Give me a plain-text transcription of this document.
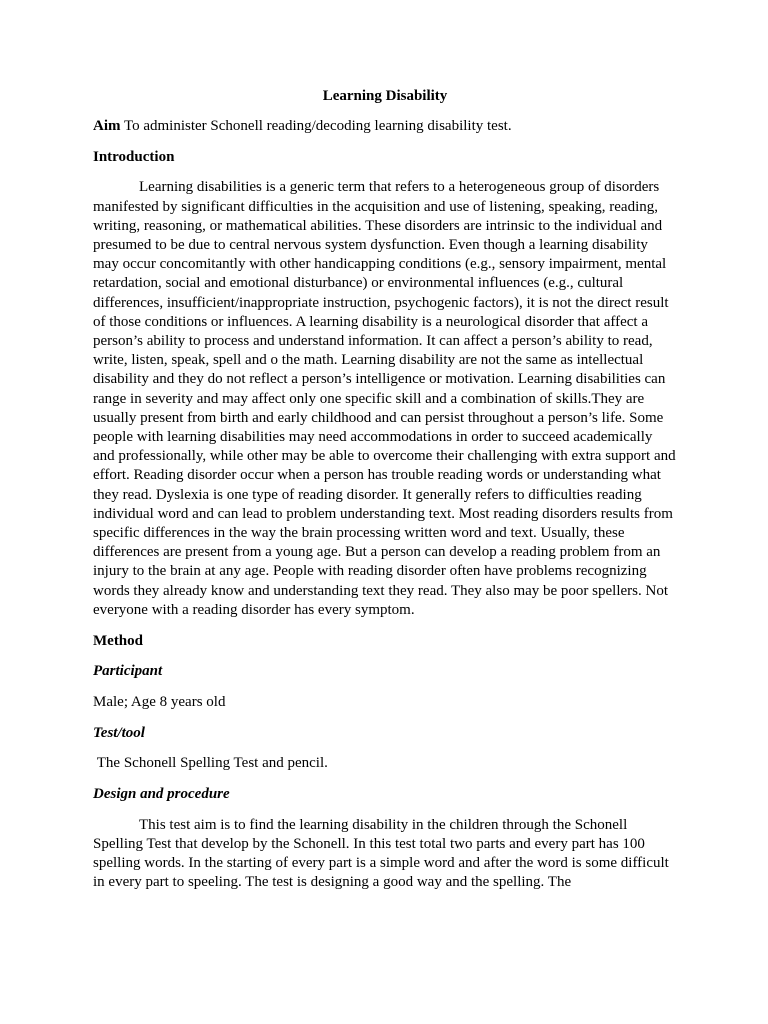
Learning Disability
Aim To administer Schonell reading/decoding learning disability test.
Introduction
Learning disabilities is a generic term that refers to a heterogeneous group of disorders manifested by significant difficulties in the acquisition and use of listening, speaking, reading, writing, reasoning, or mathematical abilities. These disorders are intrinsic to the individual and presumed to be due to central nervous system dysfunction. Even though a learning disability may occur concomitantly with other handicapping conditions (e.g., sensory impairment, mental retardation, social and emotional disturbance) or environmental influences (e.g., cultural differences, insufficient/inappropriate instruction, psychogenic factors), it is not the direct result of those conditions or influences. A learning disability is a neurological disorder that affect a person’s ability to process and understand information. It can affect a person’s ability to read, write, listen, speak, spell and o the math. Learning disability are not the same as intellectual disability and they do not reflect a person’s intelligence or motivation. Learning disabilities can range in severity and may affect only one specific skill and a combination of skills.They are usually present from birth and early childhood and can persist throughout a person’s life. Some people with learning disabilities may need accommodations in order to succeed academically and professionally, while other may be able to overcome their challenging with extra support and effort. Reading disorder occur when a person has trouble reading words or understanding what they read. Dyslexia is one type of reading disorder. It generally refers to difficulties reading individual word and can lead to problem understanding text. Most reading disorders results from specific differences in the way the brain processing written word and text. Usually, these differences are present from a young age. But a person can develop a reading problem from an injury to the brain at any age. People with reading disorder often have problems recognizing words they already know and understanding text they read. They also may be poor spellers. Not everyone with a reading disorder has every symptom.
Method
Participant
Male; Age 8 years old
Test/tool
The Schonell Spelling Test and pencil.
Design and procedure
This test aim is to find the learning disability in the children through the Schonell Spelling Test that develop by the Schonell. In this test total two parts and every part has 100 spelling words. In the starting of every part is a simple word and after the word is some difficult in every part to speeling. The test is designing a good way and the spelling. The
